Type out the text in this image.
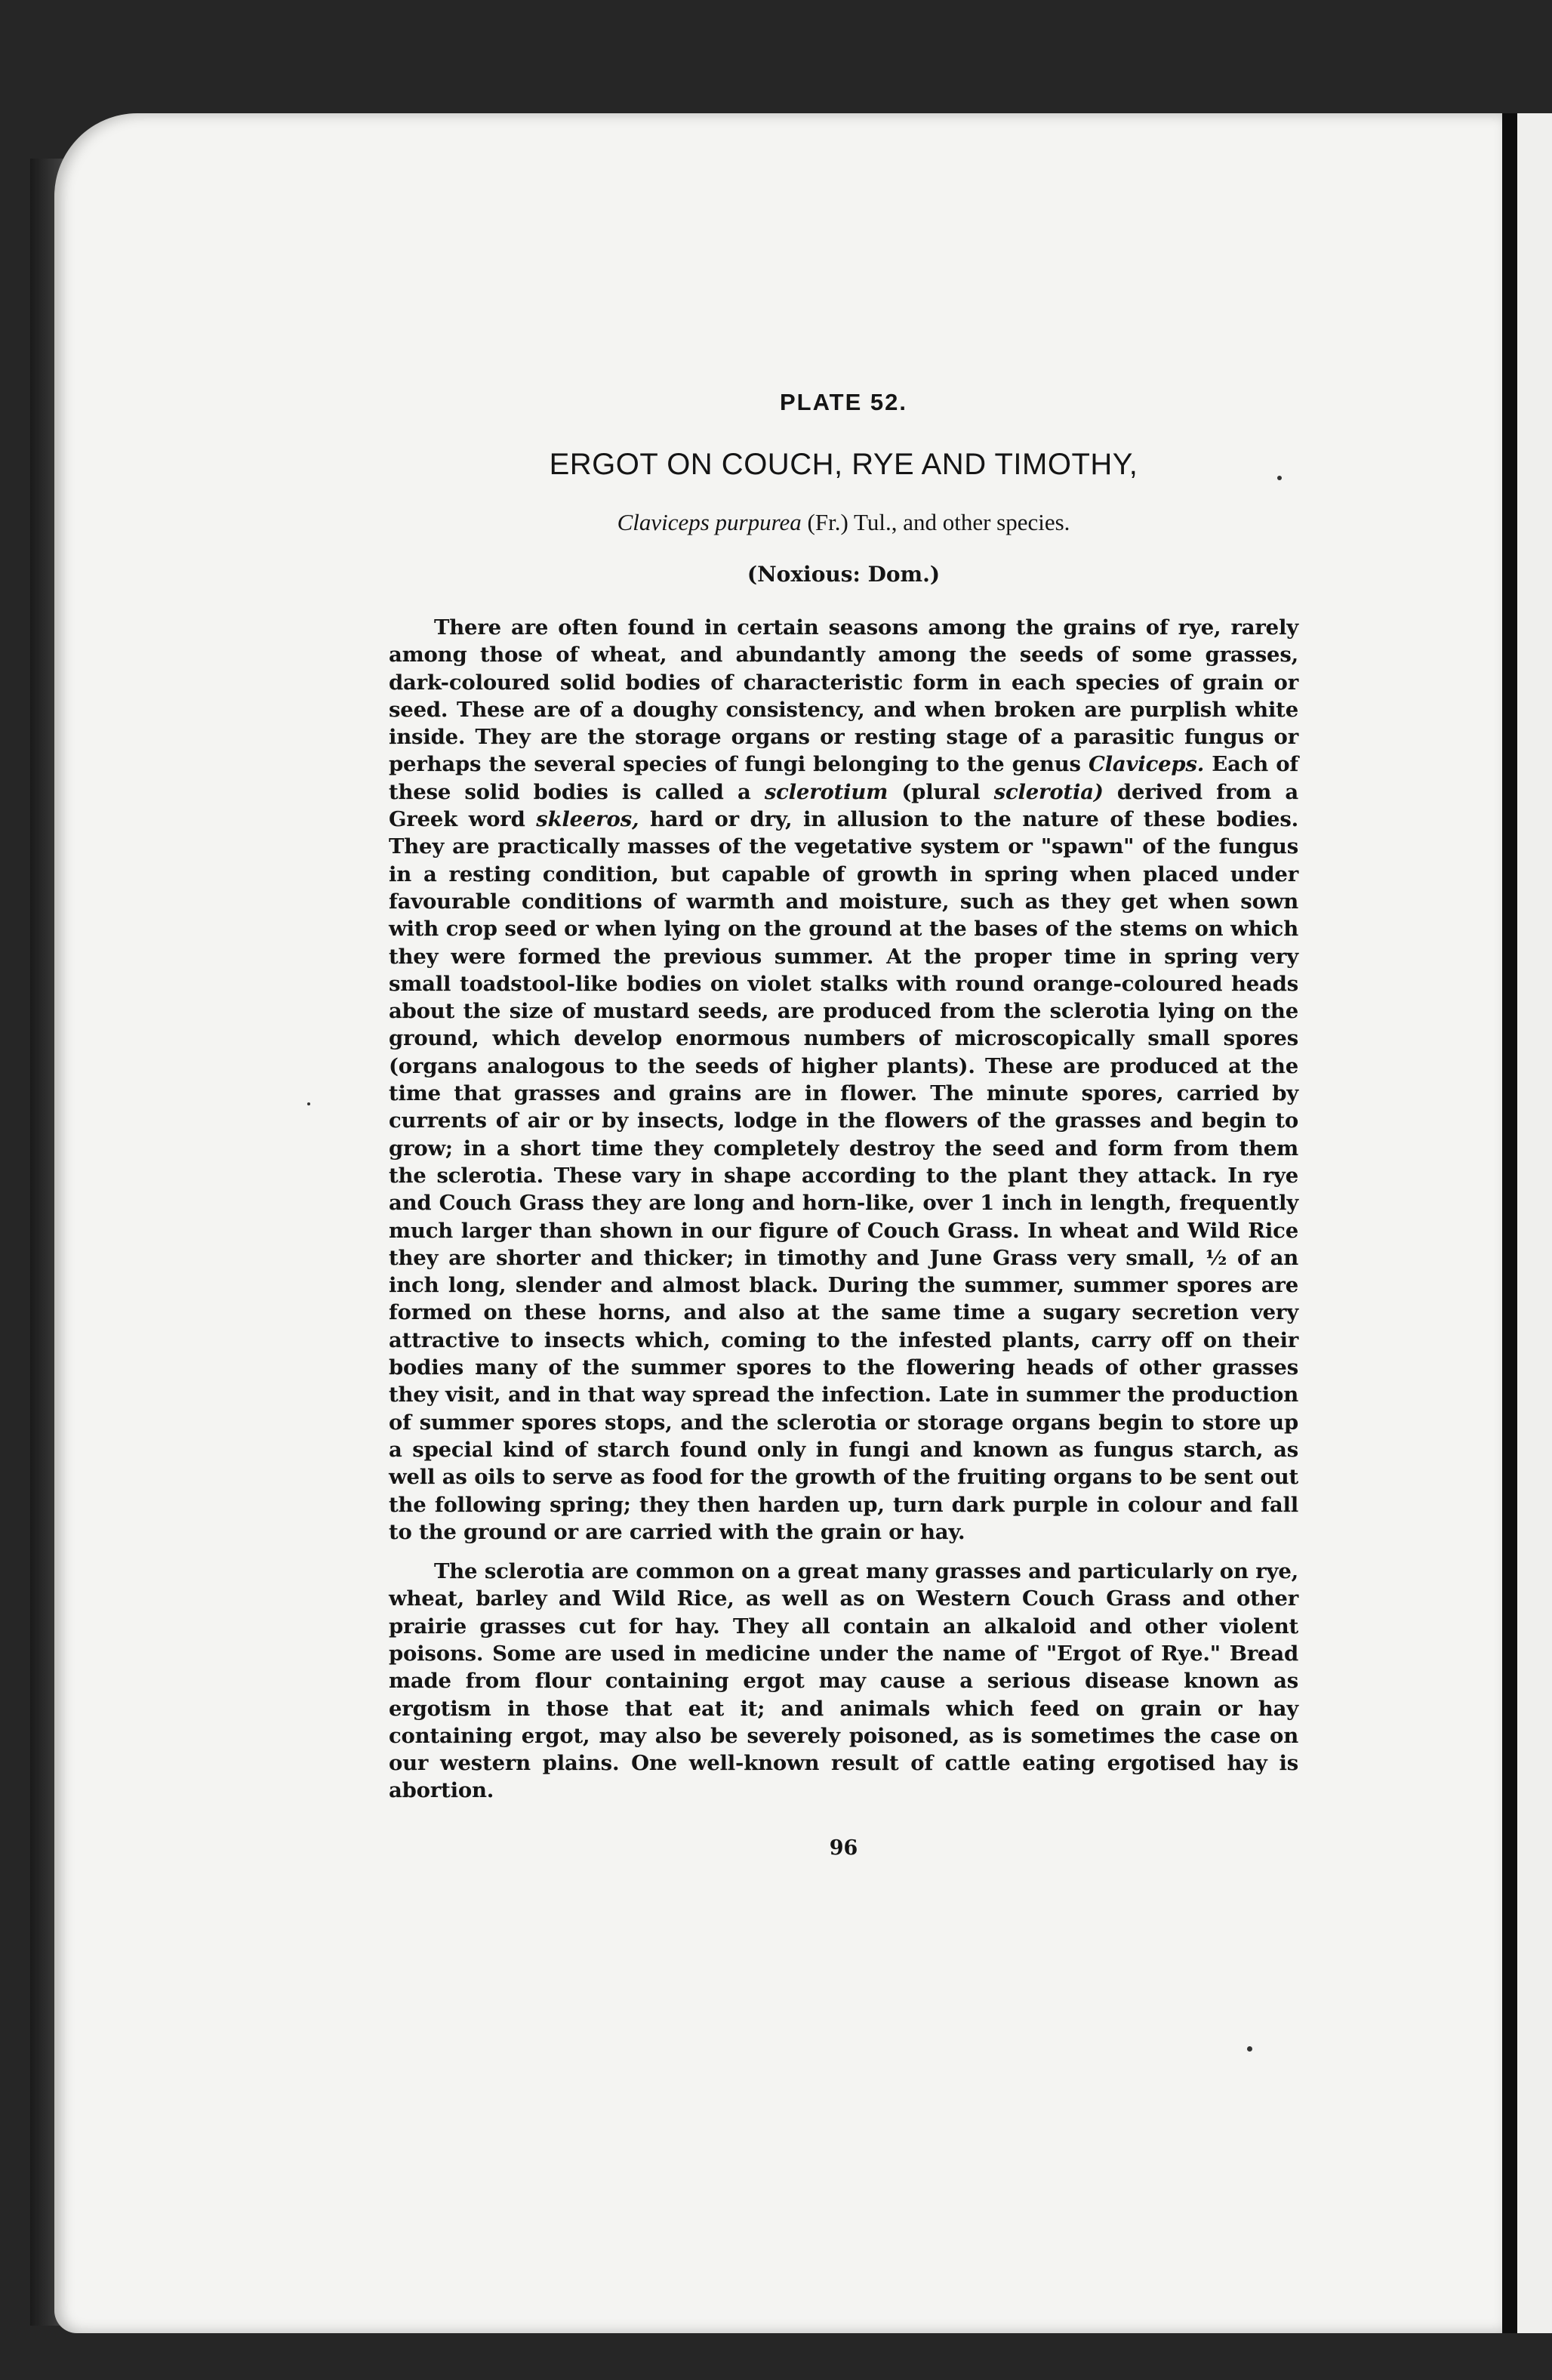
PLATE 52.
ERGOT ON COUCH, RYE AND TIMOTHY,
Claviceps purpurea (Fr.) Tul., and other species.
(Noxious: Dom.)

There are often found in certain seasons among the grains of rye, rarely among those of wheat, and abundantly among the seeds of some grasses, dark-coloured solid bodies of characteristic form in each species of grain or seed. These are of a doughy consistency, and when broken are purplish white inside. They are the storage organs or resting stage of a parasitic fungus or perhaps the several species of fungi belonging to the genus Claviceps. Each of these solid bodies is called a sclerotium (plural sclerotia) derived from a Greek word skleeros, hard or dry, in allusion to the nature of these bodies. They are practically masses of the vegetative system or "spawn" of the fungus in a resting condition, but capable of growth in spring when placed under favourable conditions of warmth and moisture, such as they get when sown with crop seed or when lying on the ground at the bases of the stems on which they were formed the previous summer. At the proper time in spring very small toadstool-like bodies on violet stalks with round orange-coloured heads about the size of mustard seeds, are produced from the sclerotia lying on the ground, which develop enormous numbers of microscopically small spores (organs analogous to the seeds of higher plants). These are produced at the time that grasses and grains are in flower. The minute spores, carried by currents of air or by insects, lodge in the flowers of the grasses and begin to grow; in a short time they completely destroy the seed and form from them the sclerotia. These vary in shape according to the plant they attack. In rye and Couch Grass they are long and horn-like, over 1 inch in length, frequently much larger than shown in our figure of Couch Grass. In wheat and Wild Rice they are shorter and thicker; in timothy and June Grass very small, ½ of an inch long, slender and almost black. During the summer, summer spores are formed on these horns, and also at the same time a sugary secretion very attractive to insects which, coming to the infested plants, carry off on their bodies many of the summer spores to the flowering heads of other grasses they visit, and in that way spread the infection. Late in summer the production of summer spores stops, and the sclerotia or storage organs begin to store up a special kind of starch found only in fungi and known as fungus starch, as well as oils to serve as food for the growth of the fruiting organs to be sent out the following spring; they then harden up, turn dark purple in colour and fall to the ground or are carried with the grain or hay.

The sclerotia are common on a great many grasses and particularly on rye, wheat, barley and Wild Rice, as well as on Western Couch Grass and other prairie grasses cut for hay. They all contain an alkaloid and other violent poisons. Some are used in medicine under the name of "Ergot of Rye." Bread made from flour containing ergot may cause a serious disease known as ergotism in those that eat it; and animals which feed on grain or hay containing ergot, may also be severely poisoned, as is sometimes the case on our western plains. One well-known result of cattle eating ergotised hay is abortion.

96
